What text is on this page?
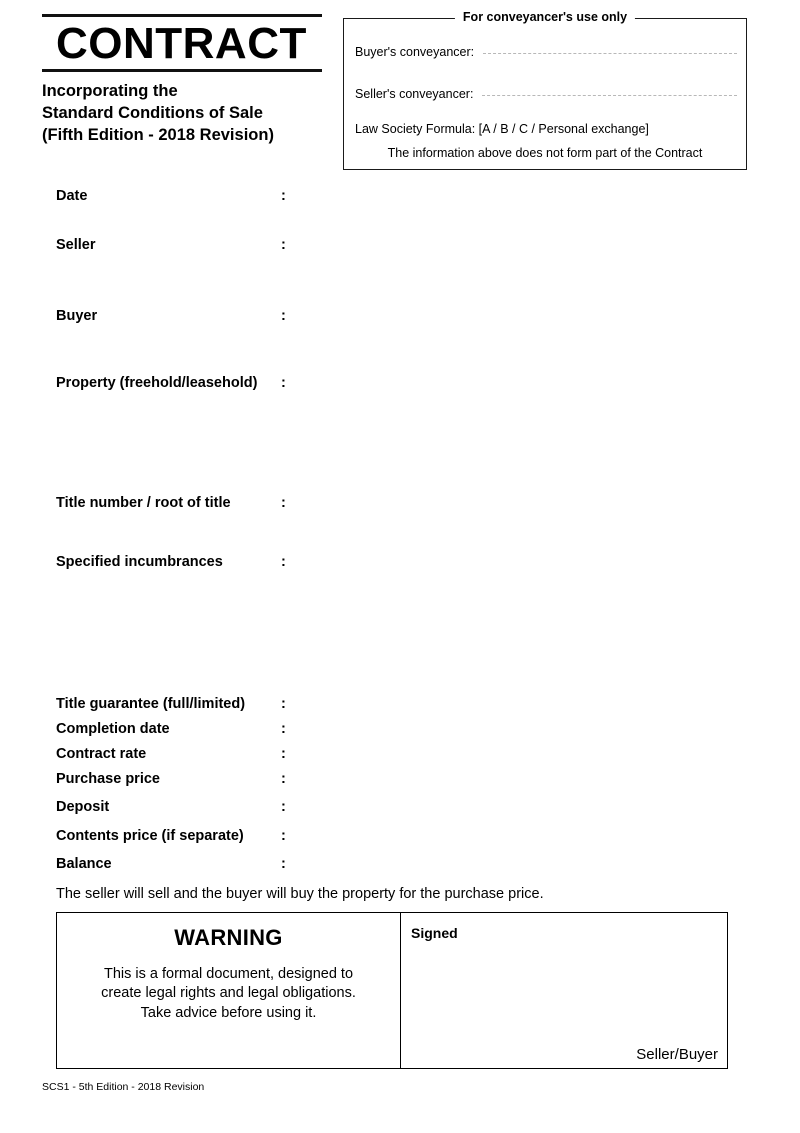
CONTRACT
Incorporating the
Standard Conditions of Sale
(Fifth Edition - 2018 Revision)
For conveyancer's use only
Buyer's conveyancer:
Seller's conveyancer:
Law Society Formula: [A / B / C / Personal exchange]
The information above does not form part of the Contract
Date	:
Seller	:
Buyer	:
Property (freehold/leasehold) :
Title number / root of title	:
Specified incumbrances	:
Title guarantee (full/limited) :
Completion date	:
Contract rate	:
Purchase price	:
Deposit	:
Contents price (if separate)	:
Balance	:
The seller will sell and the buyer will buy the property for the purchase price.
WARNING
This is a formal document, designed to
create legal rights and legal obligations.
Take advice before using it.
Signed
Seller/Buyer
SCS1 - 5th Edition - 2018 Revision
